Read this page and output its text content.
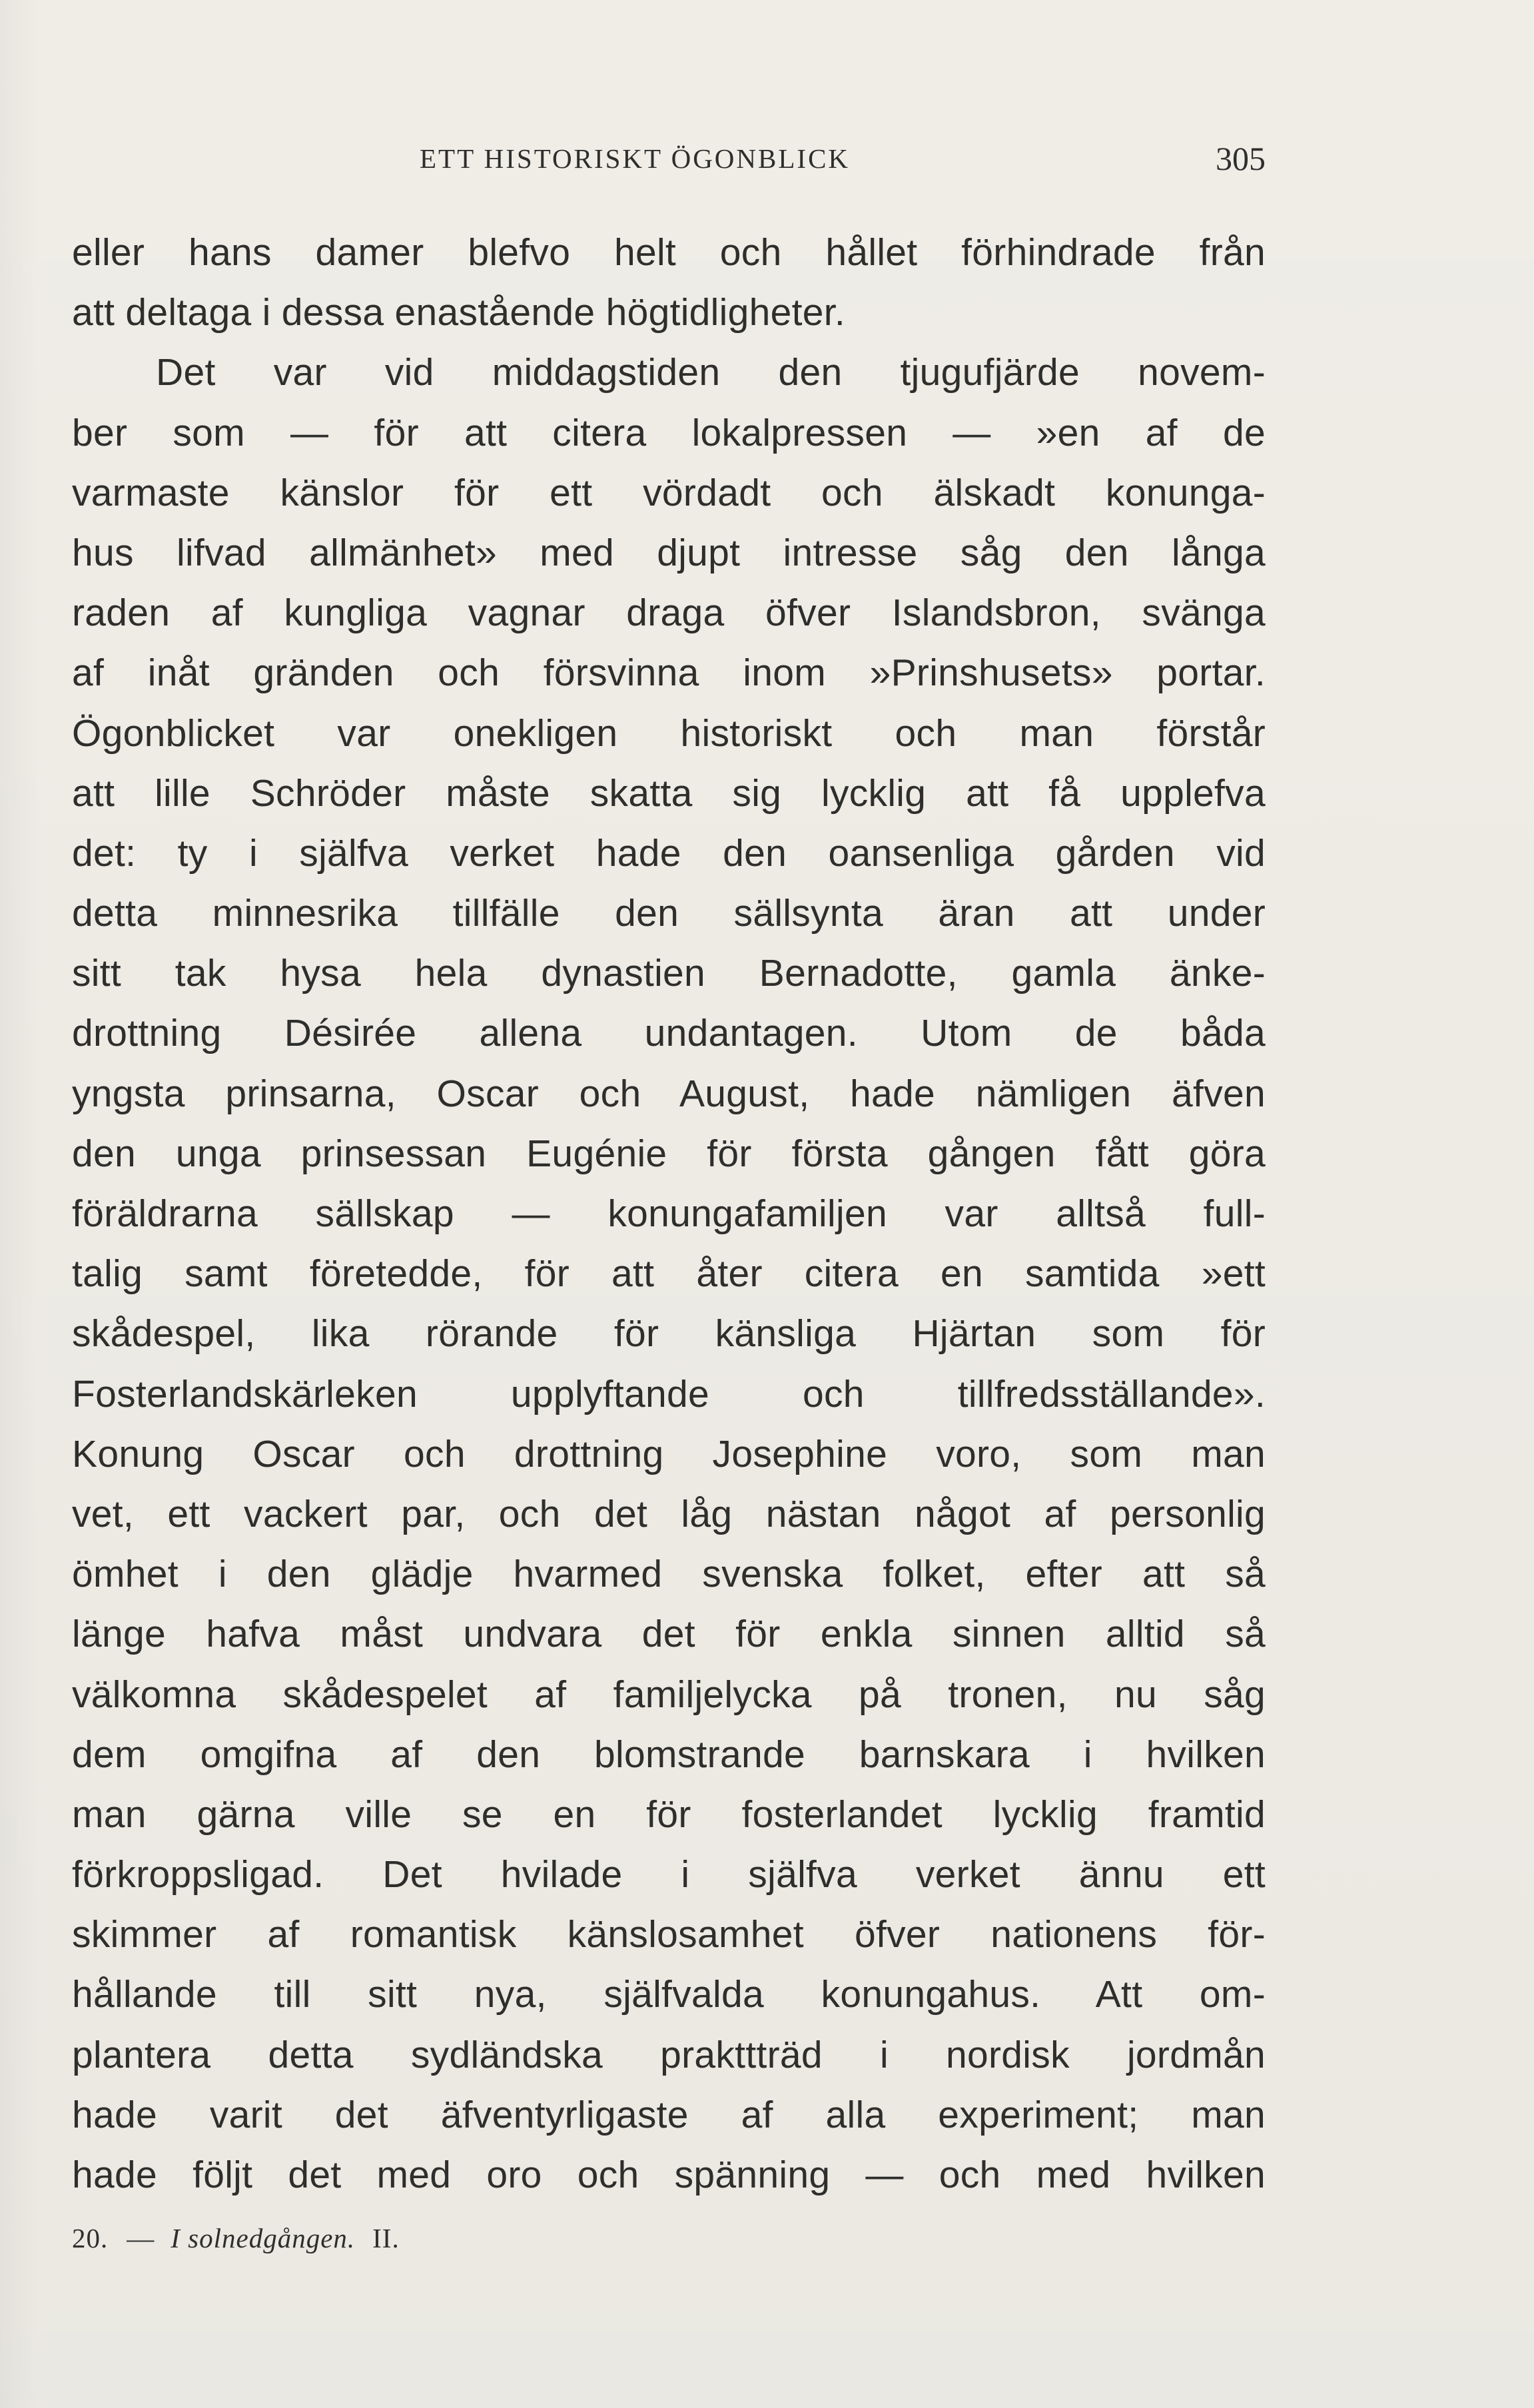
ETT HISTORISKT ÖGONBLICK	305
eller hans damer blefvo helt och hållet förhindrade från
att deltaga i dessa enastående högtidligheter.
Det var vid middagstiden den tjugufjärde novem-
ber som — för att citera lokalpressen — »en af de
varmaste känslor för ett vördadt och älskadt konunga-
hus lifvad allmänhet» med djupt intresse såg den långa
raden af kungliga vagnar draga öfver Islandsbron, svänga
af inåt gränden och försvinna inom »Prinshusets» portar.
Ögonblicket var onekligen historiskt och man förstår
att lille Schröder måste skatta sig lycklig att få upplefva
det: ty i själfva verket hade den oansenliga gården vid
detta minnesrika tillfälle den sällsynta äran att under
sitt tak hysa hela dynastien Bernadotte, gamla änke-
drottning Désirée allena undantagen. Utom de båda
yngsta prinsarna, Oscar och August, hade nämligen äfven
den unga prinsessan Eugénie för första gången fått göra
föräldrarna sällskap — konungafamiljen var alltså full-
talig samt företedde, för att åter citera en samtida »ett
skådespel, lika rörande för känsliga Hjärtan som för
Fosterlandskärleken upplyftande och tillfredsställande».
Konung Oscar och drottning Josephine voro, som man
vet, ett vackert par, och det låg nästan något af personlig
ömhet i den glädje hvarmed svenska folket, efter att så
länge hafva måst undvara det för enkla sinnen alltid så
välkomna skådespelet af familjelycka på tronen, nu såg
dem omgifna af den blomstrande barnskara i hvilken
man gärna ville se en för fosterlandet lycklig framtid
förkroppsligad. Det hvilade i själfva verket ännu ett
skimmer af romantisk känslosamhet öfver nationens för-
hållande till sitt nya, själfvalda konungahus. Att om-
plantera detta sydländska prakttträd i nordisk jordmån
hade varit det äfventyrligaste af alla experiment; man
hade följt det med oro och spänning — och med hvilken
20. — I solnedgången. II.
